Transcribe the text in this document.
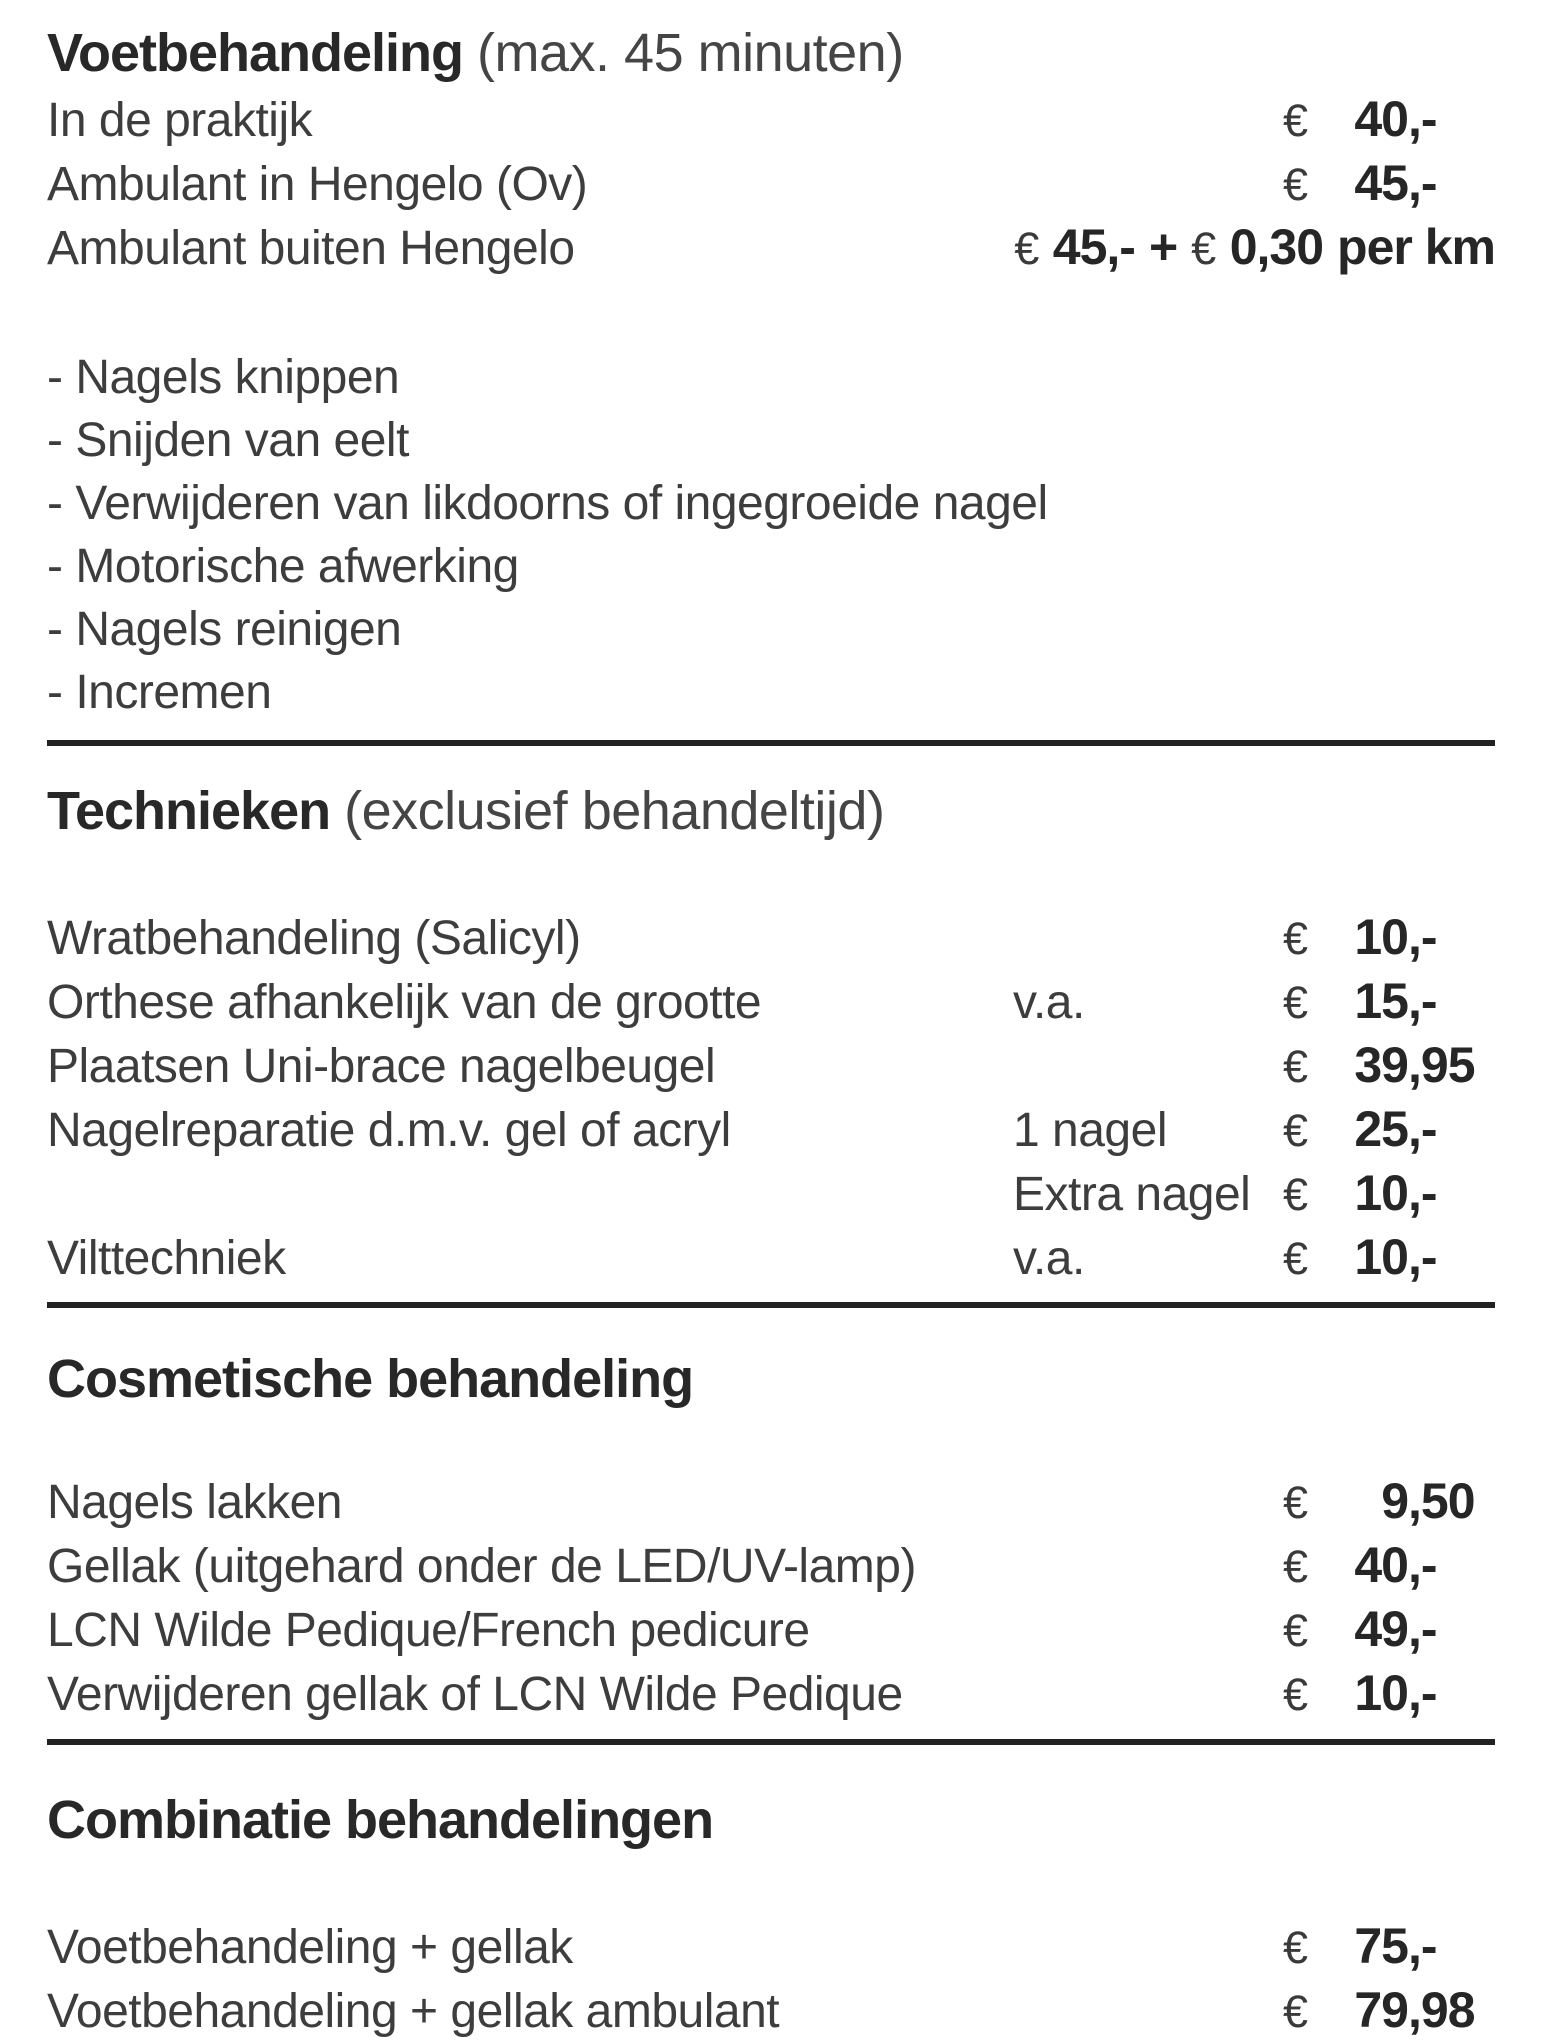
Voetbehandeling (max. 45 minuten)
In de praktijk	€ 40 ,-
Ambulant in Hengelo (Ov)	€ 45 ,-
Ambulant buiten Hengelo	€ 45,- + € 0,30 per km
- Nagels knippen
- Snijden van eelt
- Verwijderen van likdoorns of ingegroeide nagel
- Motorische afwerking
- Nagels reinigen
- Incremen
Technieken (exclusief behandeltijd)
Wratbehandeling (Salicyl)	€ 10 ,-
Orthese afhankelijk van de grootte	v.a.	€ 15 ,-
Plaatsen Uni-brace nagelbeugel	€ 39 ,95
Nagelreparatie d.m.v. gel of acryl	1 nagel	€ 25 ,-
Extra nagel € 10 ,-
Vilttechniek	v.a.	€ 10 ,-
Cosmetische behandeling
Nagels lakken	€	9 ,50
Gellak (uitgehard onder de LED/UV-lamp)	€ 40 ,-
LCN Wilde Pedique/French pedicure	€ 49 ,-
Verwijderen gellak of LCN Wilde Pedique	€ 10 ,-
Combinatie behandelingen
Voetbehandeling + gellak	€ 75 ,-
Voetbehandeling + gellak ambulant	€ 79 ,98
